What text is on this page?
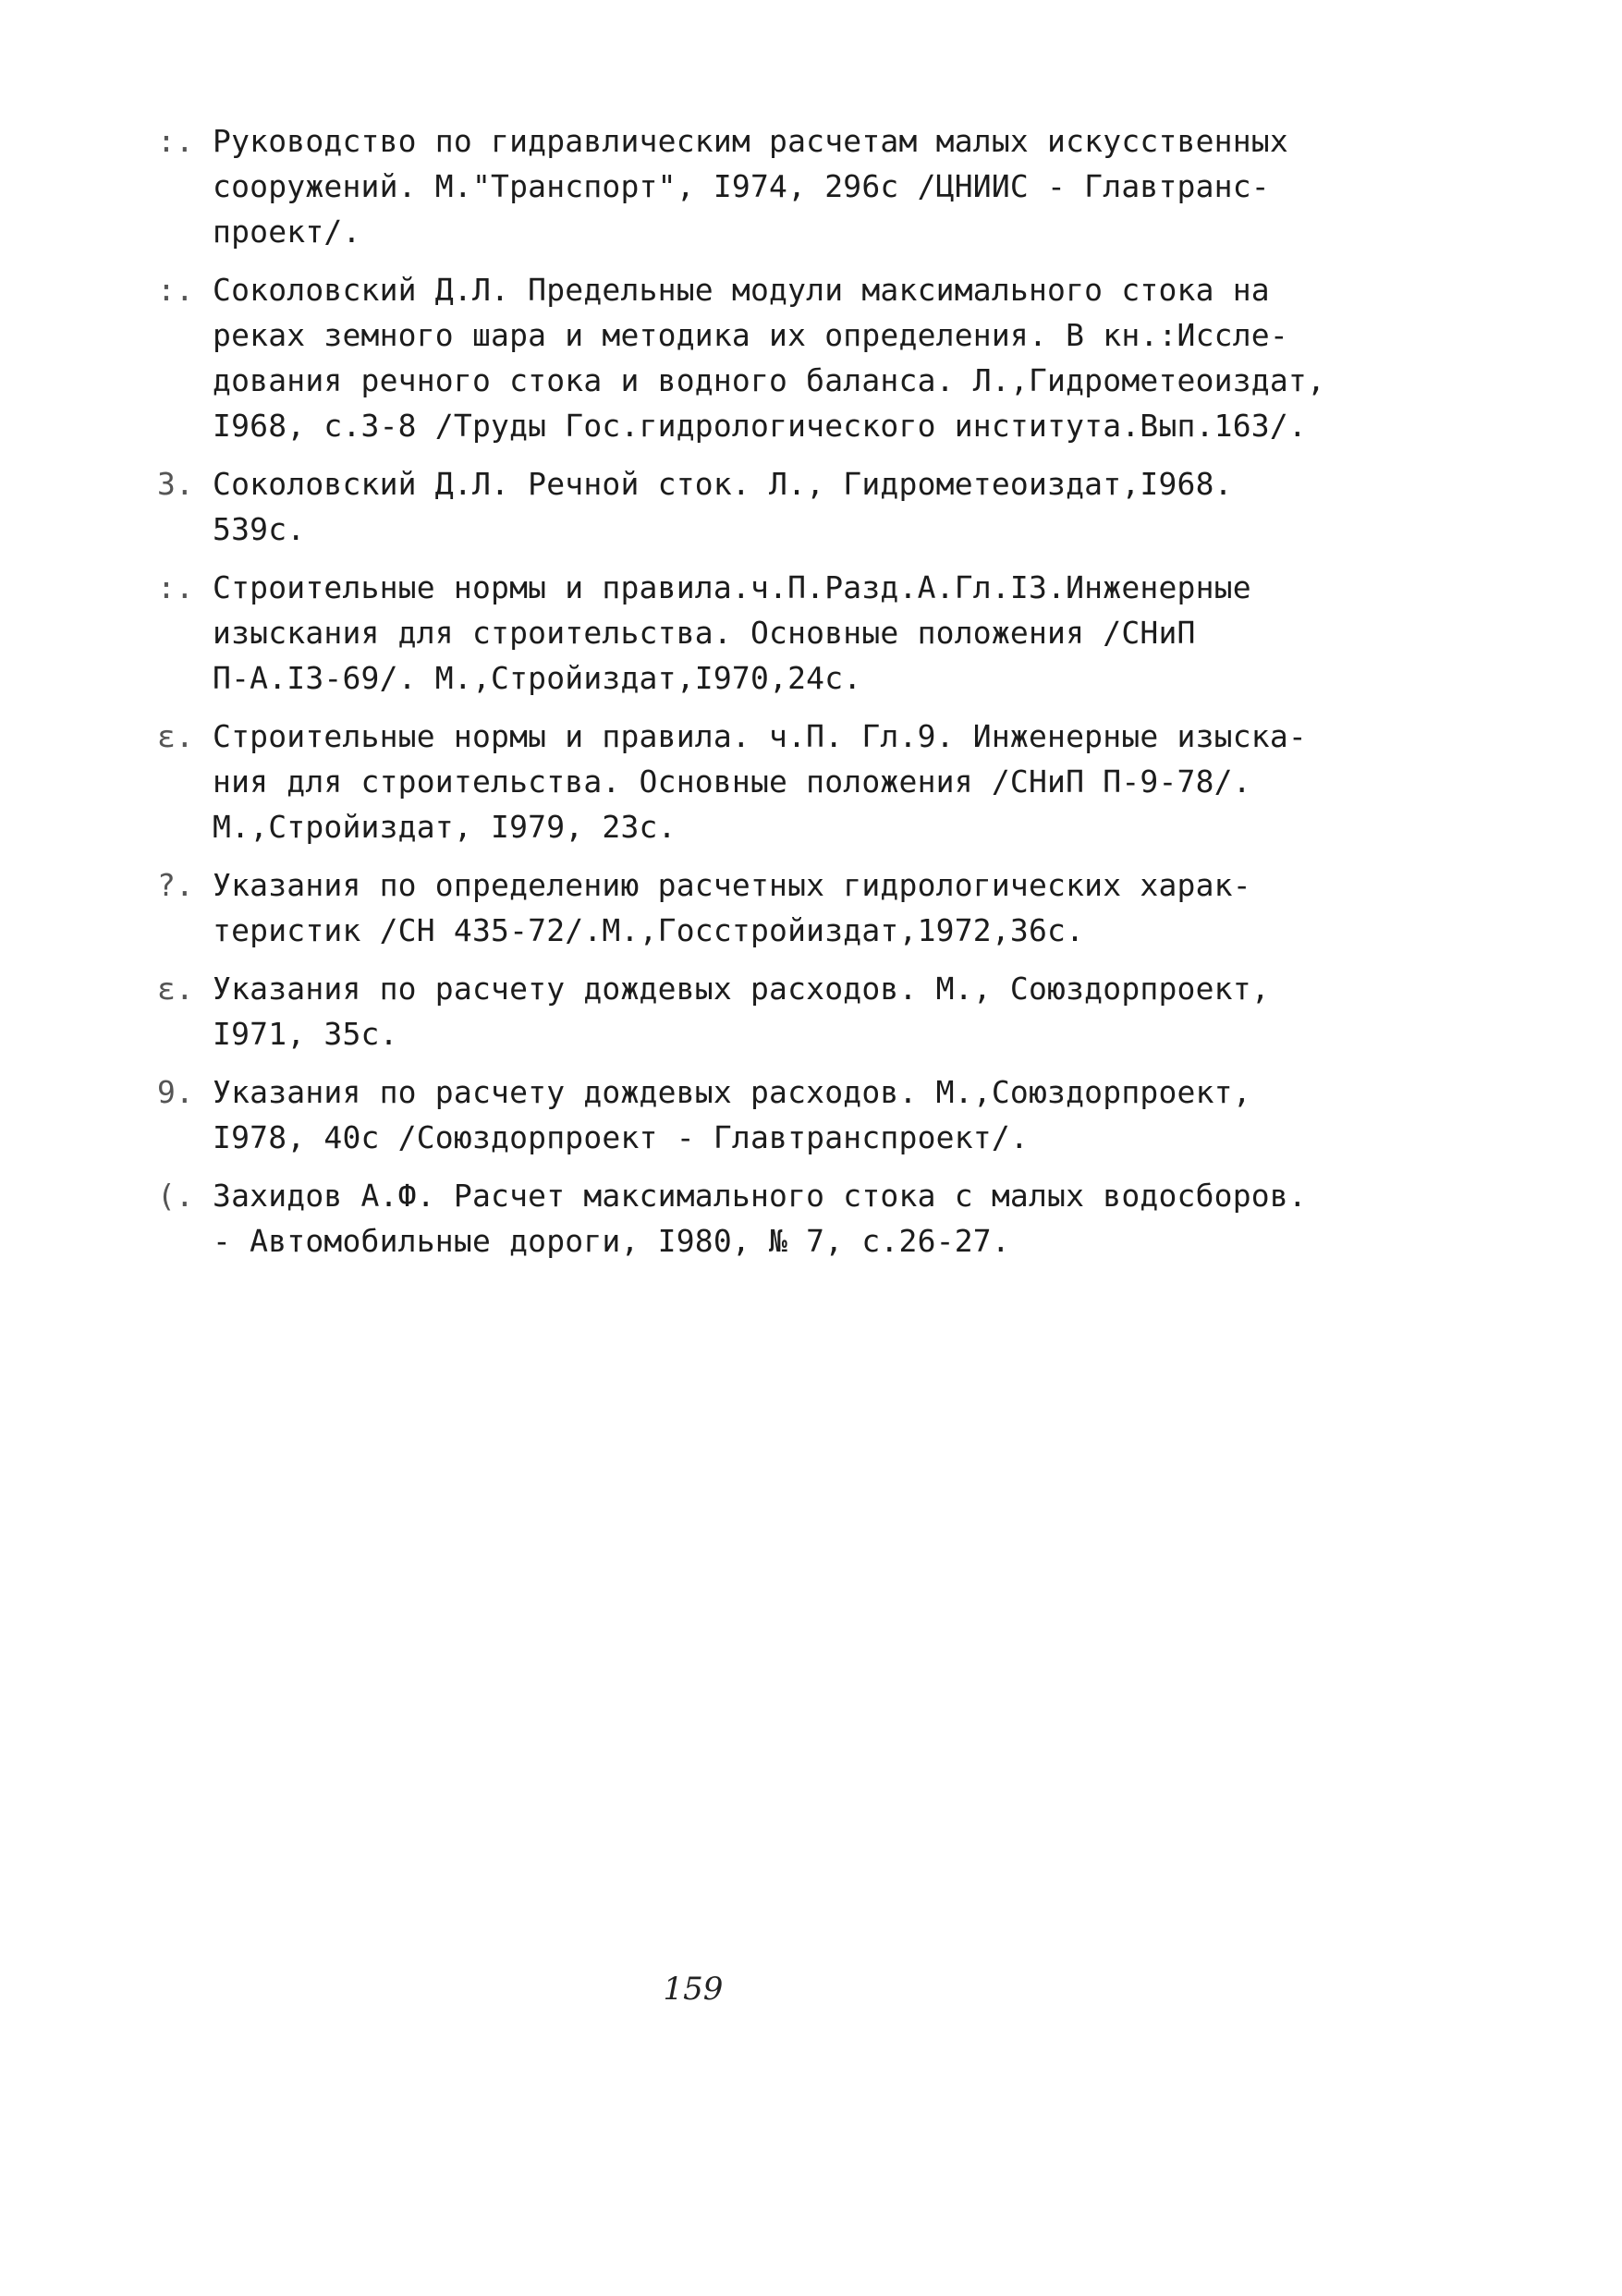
:. Руководство по гидравлическим расчетам малых искусственных
сооружений. М."Транспорт", I974, 296с /ЦНИИС - Главтранс-
проект/.
:. Соколовский Д.Л. Предельные модули максимального стока на
реках земного шара и методика их определения. В кн.:Иссле-
дования речного стока и водного баланса. Л.,Гидрометеоиздат,
I968, с.3-8 /Труды Гос.гидрологического института.Вып.163/.
3. Соколовский Д.Л. Речной сток. Л., Гидрометеоиздат,I968.
539с.
:. Строительные нормы и правила.ч.П.Разд.А.Гл.I3.Инженерные
изыскания для строительства. Основные положения /СНиП
П-А.I3-69/. М.,Стройиздат,I970,24с.
ε. Строительные нормы и правила. ч.П. Гл.9. Инженерные изыска-
ния для строительства. Основные положения /СНиП П-9-78/.
М.,Стройиздат, I979, 23с.
?. Указания по определению расчетных гидрологических харак-
теристик /СН 435-72/.М.,Госстройиздат,1972,36с.
ε. Указания по расчету дождевых расходов. М., Союздорпроект,
I971, 35с.
9. Указания по расчету дождевых расходов. М.,Союздорпроект,
I978, 40с /Союздорпроект - Главтранспроект/.
(. Захидов А.Ф. Расчет максимального стока с малых водосборов.
- Автомобильные дороги, I980, № 7, с.26-27.
159
